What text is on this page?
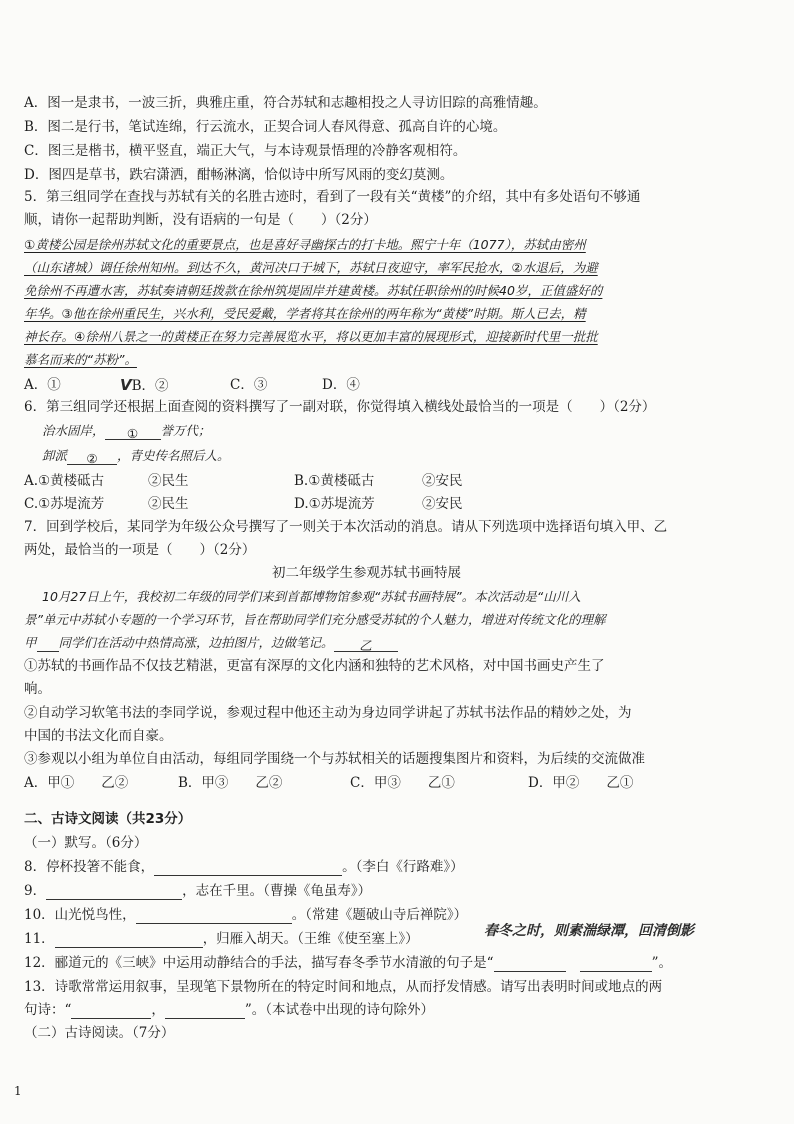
A．图一是隶书，一波三折，典雅庄重，符合苏轼和志趣相投之人寻访旧踪的高雅情趣。
B．图二是行书，笔试连绵，行云流水，正契合词人春风得意、孤高自许的心境。
C．图三是楷书，横平竖直，端正大气，与本诗观景悟理的冷静客观相符。
D．图四是草书，跌宕潇洒，酣畅淋漓，恰似诗中所写风雨的变幻莫测。
5．第三组同学在查找与苏轼有关的名胜古迹时，看到了一段有关“黄楼”的介绍，其中有多处语句不够通
顺，请你一起帮助判断，没有语病的一句是（　　）（2分）
①黄楼公园是徐州苏轼文化的重要景点，也是喜好寻幽探古的打卡地。熙宁十年（1077），苏轼由密州
（山东诸城）调任徐州知州。到达不久，黄河决口于城下，苏轼日夜迎守，率军民抢水，②水退后，为避
免徐州不再遭水害，苏轼奏请朝廷拨款在徐州筑堤固岸并建黄楼。苏轼任职徐州的时候40岁，正值盛好的
年华。③他在徐州重民生，兴水利，受民爱戴，学者将其在徐州的两年称为“黄楼”时期。斯人已去，精
神长存。④徐州八景之一的黄楼正在努力完善展览水平，将以更加丰富的展现形式，迎接新时代里一批批
慕名而来的“苏粉”。
A．①	VB．②	C．③	D．④
6．第三组同学还根据上面查阅的资料撰写了一副对联，你觉得填入横线处最恰当的一项是（　　）（2分）
治水固岸， ① 誉万代；
卸派 ② ，青史传名照后人。
A.①黄楼砥古	②民生	B.①黄楼砥古	②安民
C.①苏堤流芳	②民生	D.①苏堤流芳	②安民
7．回到学校后，某同学为年级公众号撰写了一则关于本次活动的消息。请从下列选项中选择语句填入甲、乙
两处，最恰当的一项是（　　）（2分）
初二年级学生参观苏轼书画特展
10月27日上午，我校初二年级的同学们来到首都博物馆参观“苏轼书画特展”。本次活动是“山川入
景”单元中苏轼小专题的一个学习环节，旨在帮助同学们充分感受苏轼的个人魅力，增进对传统文化的理解
甲 同学们在活动中热情高涨，边拍图片，边做笔记。 乙
①苏轼的书画作品不仅技艺精湛，更富有深厚的文化内涵和独特的艺术风格，对中国书画史产生了
响。
②自动学习软笔书法的李同学说，参观过程中他还主动为身边同学讲起了苏轼书法作品的精妙之处，为
中国的书法文化而自豪。
③参观以小组为单位自由活动，每组同学围绕一个与苏轼相关的话题搜集图片和资料，为后续的交流做准
A．甲①　　乙②	B．甲③　　乙②	C．甲③　　乙①	D．甲②　　乙①
二、古诗文阅读（共23分）
（一）默写。（6分）
8．停杯投箸不能食，	。（李白《行路难》）
9．	，志在千里。（曹操《龟虽寿》）
10．山光悦鸟性，	。（常建《题破山寺后禅院》）
11．	，归雁入胡天。（王维《使至塞上》）	春冬之时，则素湍绿潭，回清倒影
12．郦道元的《三峡》中运用动静结合的手法，描写春冬季节水清澈的句子是“	”。
13．诗歌常常运用叙事，呈现笔下景物所在的特定时间和地点，从而抒发情感。请写出表明时间或地点的两
句诗：“	，	”。（本试卷中出现的诗句除外）
（二）古诗阅读。（7分）
1
